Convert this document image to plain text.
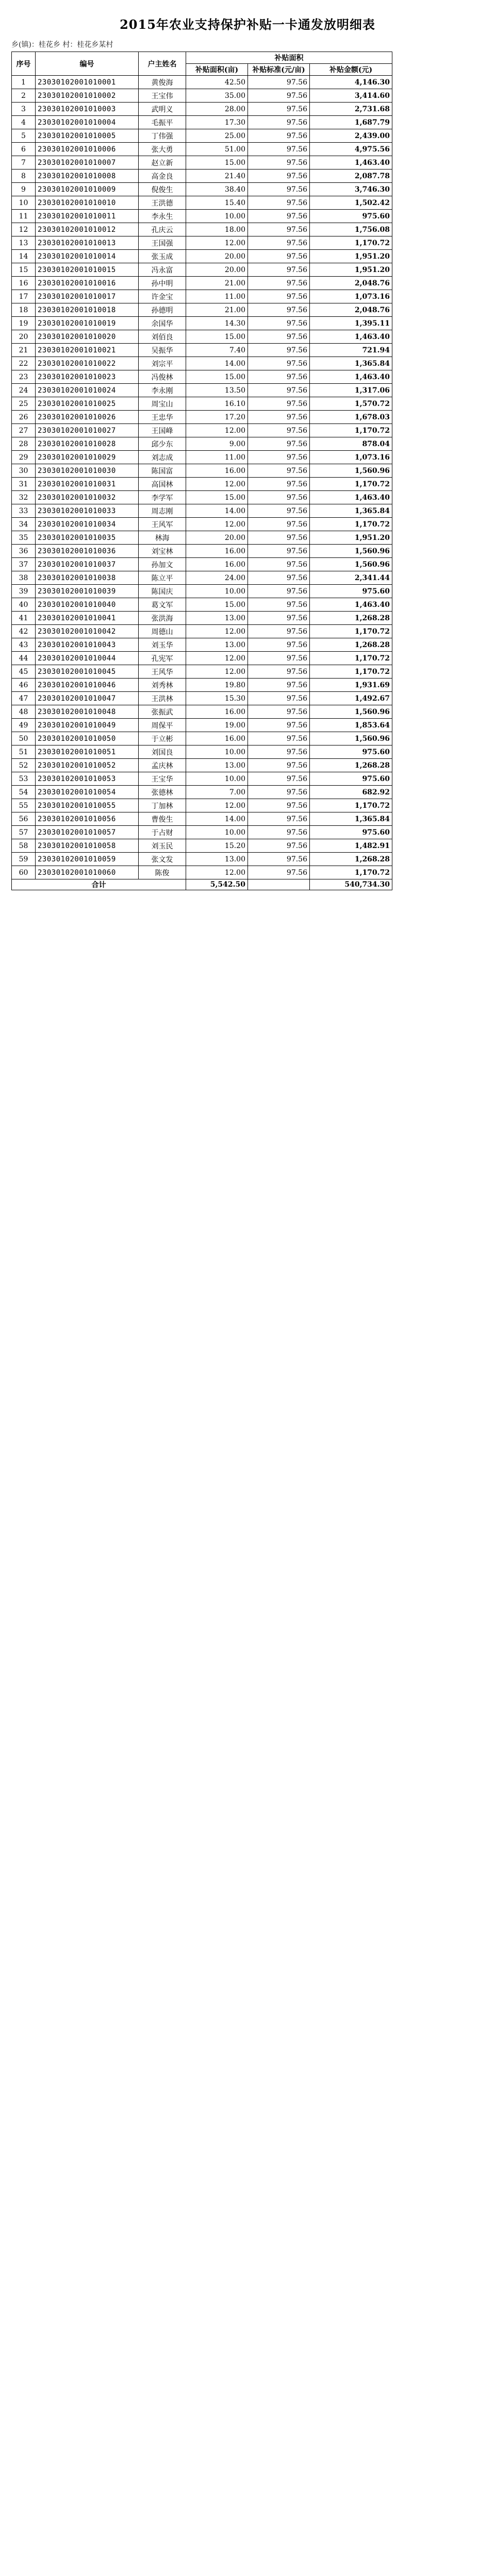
2015年农业支持保护补贴一卡通发放明细表
乡(镇)：桂花乡 村：桂花乡某村
序号	编号	户主姓名	补贴面积		
			补贴面积(亩)	补贴标准(元/亩)	补贴金额(元)
1	23030102001010001	黄俊海	42.50	97.56	4,146.30
2	23030102001010002	王宝伟	35.00	97.56	3,414.60
3	23030102001010003	武明义	28.00	97.56	2,731.68
4	23030102001010004	毛振平	17.30	97.56	1,687.79
5	23030102001010005	丁伟强	25.00	97.56	2,439.00
6	23030102001010006	张大勇	51.00	97.56	4,975.56
7	23030102001010007	赵立新	15.00	97.56	1,463.40
8	23030102001010008	高金良	21.40	97.56	2,087.78
9	23030102001010009	倪俊生	38.40	97.56	3,746.30
10	23030102001010010	王洪德	15.40	97.56	1,502.42
11	23030102001010011	李永生	10.00	97.56	975.60
12	23030102001010012	孔庆云	18.00	97.56	1,756.08
13	23030102001010013	王国强	12.00	97.56	1,170.72
14	23030102001010014	张玉成	20.00	97.56	1,951.20
15	23030102001010015	冯永富	20.00	97.56	1,951.20
16	23030102001010016	孙中明	21.00	97.56	2,048.76
17	23030102001010017	许金宝	11.00	97.56	1,073.16
18	23030102001010018	孙德明	21.00	97.56	2,048.76
19	23030102001010019	余国华	14.30	97.56	1,395.11
20	23030102001010020	刘佰良	15.00	97.56	1,463.40
21	23030102001010021	吴振华	7.40	97.56	721.94
22	23030102001010022	刘宗平	14.00	97.56	1,365.84
23	23030102001010023	冯俊林	15.00	97.56	1,463.40
24	23030102001010024	李永刚	13.50	97.56	1,317.06
25	23030102001010025	周宝山	16.10	97.56	1,570.72
26	23030102001010026	王忠华	17.20	97.56	1,678.03
27	23030102001010027	王国峰	12.00	97.56	1,170.72
28	23030102001010028	邱少东	9.00	97.56	878.04
29	23030102001010029	刘志成	11.00	97.56	1,073.16
30	23030102001010030	陈国富	16.00	97.56	1,560.96
31	23030102001010031	高国林	12.00	97.56	1,170.72
32	23030102001010032	李学军	15.00	97.56	1,463.40
33	23030102001010033	周志刚	14.00	97.56	1,365.84
34	23030102001010034	王风军	12.00	97.56	1,170.72
35	23030102001010035	林海	20.00	97.56	1,951.20
36	23030102001010036	刘宝林	16.00	97.56	1,560.96
37	23030102001010037	孙加文	16.00	97.56	1,560.96
38	23030102001010038	陈立平	24.00	97.56	2,341.44
39	23030102001010039	陈国庆	10.00	97.56	975.60
40	23030102001010040	葛文军	15.00	97.56	1,463.40
41	23030102001010041	张洪海	13.00	97.56	1,268.28
42	23030102001010042	周德山	12.00	97.56	1,170.72
43	23030102001010043	刘玉华	13.00	97.56	1,268.28
44	23030102001010044	孔宪军	12.00	97.56	1,170.72
45	23030102001010045	王风华	12.00	97.56	1,170.72
46	23030102001010046	刘秀林	19.80	97.56	1,931.69
47	23030102001010047	王洪林	15.30	97.56	1,492.67
48	23030102001010048	张振武	16.00	97.56	1,560.96
49	23030102001010049	周保平	19.00	97.56	1,853.64
50	23030102001010050	于立彬	16.00	97.56	1,560.96
51	23030102001010051	刘国良	10.00	97.56	975.60
52	23030102001010052	孟庆林	13.00	97.56	1,268.28
53	23030102001010053	王宝华	10.00	97.56	975.60
54	23030102001010054	张德林	7.00	97.56	682.92
55	23030102001010055	丁加林	12.00	97.56	1,170.72
56	23030102001010056	曹俊生	14.00	97.56	1,365.84
57	23030102001010057	于占财	10.00	97.56	975.60
58	23030102001010058	刘玉民	15.20	97.56	1,482.91
59	23030102001010059	张文发	13.00	97.56	1,268.28
60	23030102001010060	陈俊	12.00	97.56	1,170.72
合计			5,542.50		540,734.30
